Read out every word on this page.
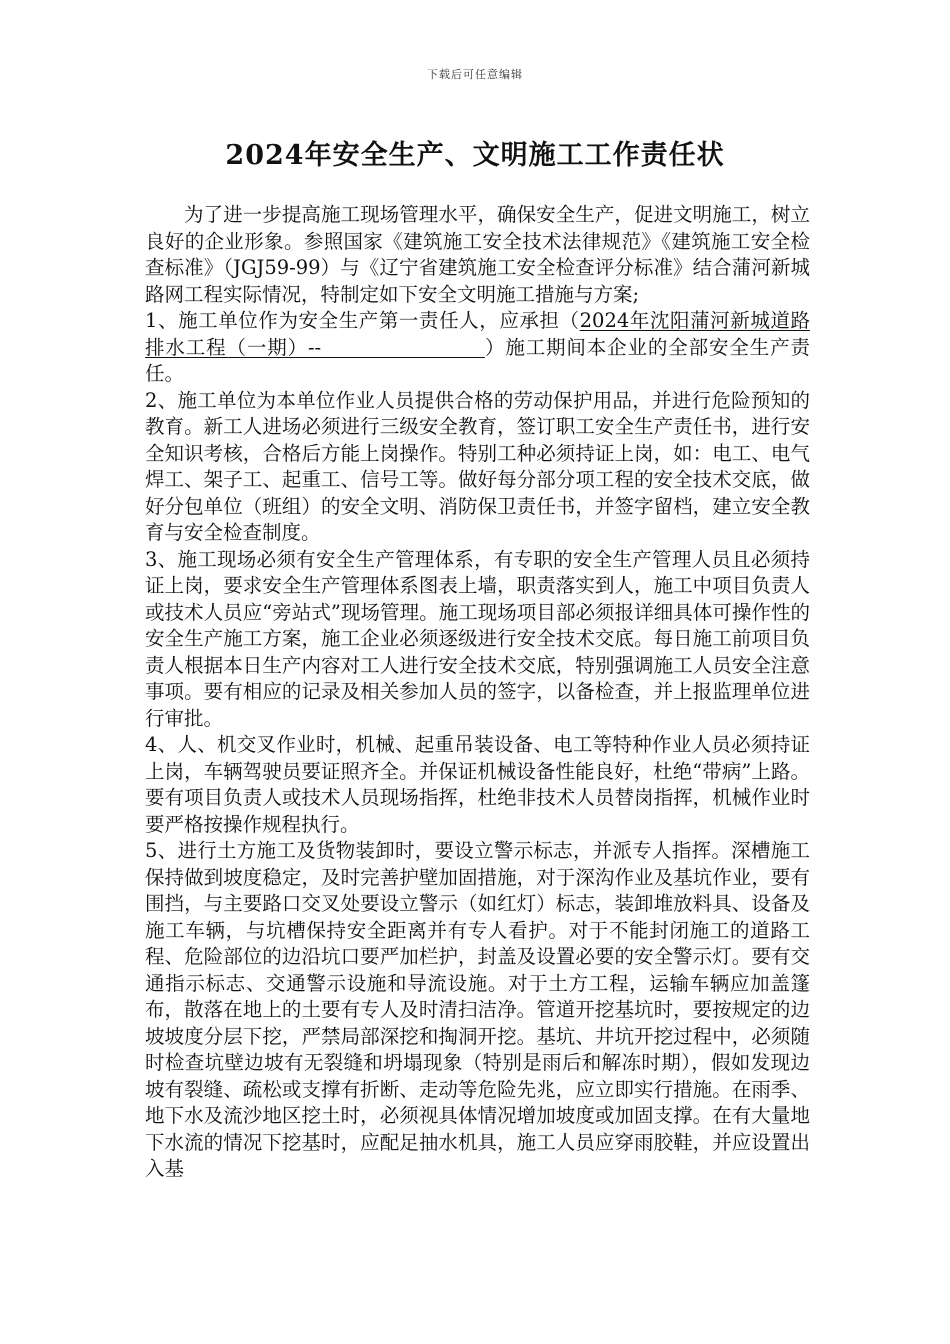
下载后可任意编辑
2024年安全生产、文明施工工作责任状

为了进一步提高施工现场管理水平，确保安全生产，促进文明施工，树立良好的企业形象。参照国家《建筑施工安全技术法律规范》《建筑施工安全检查标准》（JGJ59-99）与《辽宁省建筑施工安全检查评分标准》结合蒲河新城路网工程实际情况，特制定如下安全文明施工措施与方案;

1、施工单位作为安全生产第一责任人，应承担（2024年沈阳蒲河新城道路排水工程（一期）--　　　　　　　　）施工期间本企业的全部安全生产责任。

2、施工单位为本单位作业人员提供合格的劳动保护用品，并进行危险预知的教育。新工人进场必须进行三级安全教育，签订职工安全生产责任书，进行安全知识考核，合格后方能上岗操作。特别工种必须持证上岗，如：电工、电气焊工、架子工、起重工、信号工等。做好每分部分项工程的安全技术交底，做好分包单位（班组）的安全文明、消防保卫责任书，并签字留档，建立安全教育与安全检查制度。

3、施工现场必须有安全生产管理体系，有专职的安全生产管理人员且必须持证上岗，要求安全生产管理体系图表上墙，职责落实到人，施工中项目负责人或技术人员应“旁站式”现场管理。施工现场项目部必须报详细具体可操作性的安全生产施工方案，施工企业必须逐级进行安全技术交底。每日施工前项目负责人根据本日生产内容对工人进行安全技术交底，特别强调施工人员安全注意事项。要有相应的记录及相关参加人员的签字，以备检查，并上报监理单位进行审批。

4、人、机交叉作业时，机械、起重吊装设备、电工等特种作业人员必须持证上岗，车辆驾驶员要证照齐全。并保证机械设备性能良好，杜绝“带病”上路。要有项目负责人或技术人员现场指挥，杜绝非技术人员替岗指挥，机械作业时要严格按操作规程执行。

5、进行土方施工及货物装卸时，要设立警示标志，并派专人指挥。深槽施工保持做到坡度稳定，及时完善护壁加固措施，对于深沟作业及基坑作业，要有围挡，与主要路口交叉处要设立警示（如红灯）标志，装卸堆放料具、设备及施工车辆，与坑槽保持安全距离并有专人看护。对于不能封闭施工的道路工程、危险部位的边沿坑口要严加栏护，封盖及设置必要的安全警示灯。要有交通指示标志、交通警示设施和导流设施。对于土方工程，运输车辆应加盖篷布，散落在地上的土要有专人及时清扫洁净。管道开挖基坑时，要按规定的边坡坡度分层下挖，严禁局部深挖和掏洞开挖。基坑、井坑开挖过程中，必须随时检查坑壁边坡有无裂缝和坍塌现象（特别是雨后和解冻时期），假如发现边坡有裂缝、疏松或支撑有折断、走动等危险先兆，应立即实行措施。在雨季、地下水及流沙地区挖土时，必须视具体情况增加坡度或加固支撑。在有大量地下水流的情况下挖基时，应配足抽水机具，施工人员应穿雨胶鞋，并应设置出入基
